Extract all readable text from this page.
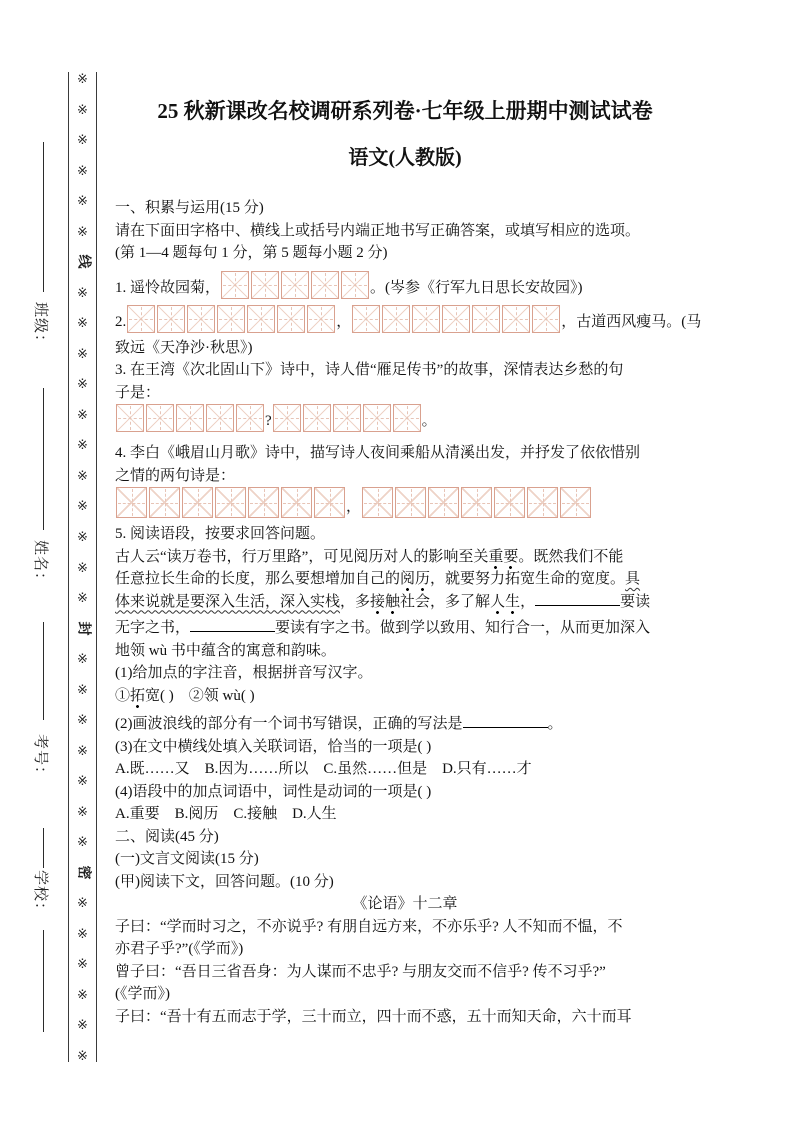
※
※
※
※
※
※
线
※
※
※
※
※
※
※
※
※
※
※
封
※
※
※
※
※
※
※
密
※
※
※
※
※
※
班级：
姓名：
考号：
学校：
25 秋新课改名校调研系列卷·七年级上册期中测试试卷
语文(人教版)
一、积累与运用(15 分)
请在下面田字格中、横线上或括号内端正地书写正确答案，或填写相应的选项。
(第 1—4 题每句 1 分，第 5 题每小题 2 分)
1. 遥怜故园菊，	。(岑参《行军九日思长安故园》)
2.	，	，古道西风瘦马。(马
致远《天净沙·秋思》)
3. 在王湾《次北固山下》诗中，诗人借“雁足传书”的故事，深情表达乡愁的句
子是：
?	。
4. 李白《峨眉山月歌》诗中，描写诗人夜间乘船从清溪出发，并抒发了依依惜别
之情的两句诗是：
，
5. 阅读语段，按要求回答问题。
古人云“读万卷书，行万里路”，可见阅历对人的影响至关重要。既然我们不能
任意拉长生命的长度，那么要想增加自己的阅历，就要努力拓宽生命的宽度。具
体来说就是要深入生活，深入实栈，多接触社会，多了解人生，	要读
无字之书，	要读有字之书。做到学以致用、知行合一，从而更加深入
地领 wù 书中蕴含的寓意和韵味。
(1)给加点的字注音，根据拼音写汉字。
①拓宽( )　②领 wù( )
(2)画波浪线的部分有一个词书写错误，正确的写法是	。
(3)在文中横线处填入关联词语，恰当的一项是( )
A.既……又　B.因为……所以　C.虽然……但是　D.只有……才
(4)语段中的加点词语中，词性是动词的一项是( )
A.重要　B.阅历　C.接触　D.人生
二、阅读(45 分)
(一)文言文阅读(15 分)
(甲)阅读下文，回答问题。(10 分)
《论语》十二章
子曰：“学而时习之，不亦说乎? 有朋自远方来，不亦乐乎? 人不知而不愠，不
亦君子乎?”(《学而》)
曾子曰：“吾日三省吾身：为人谋而不忠乎? 与朋友交而不信乎? 传不习乎?”
(《学而》)
子曰：“吾十有五而志于学，三十而立，四十而不惑，五十而知天命，六十而耳
